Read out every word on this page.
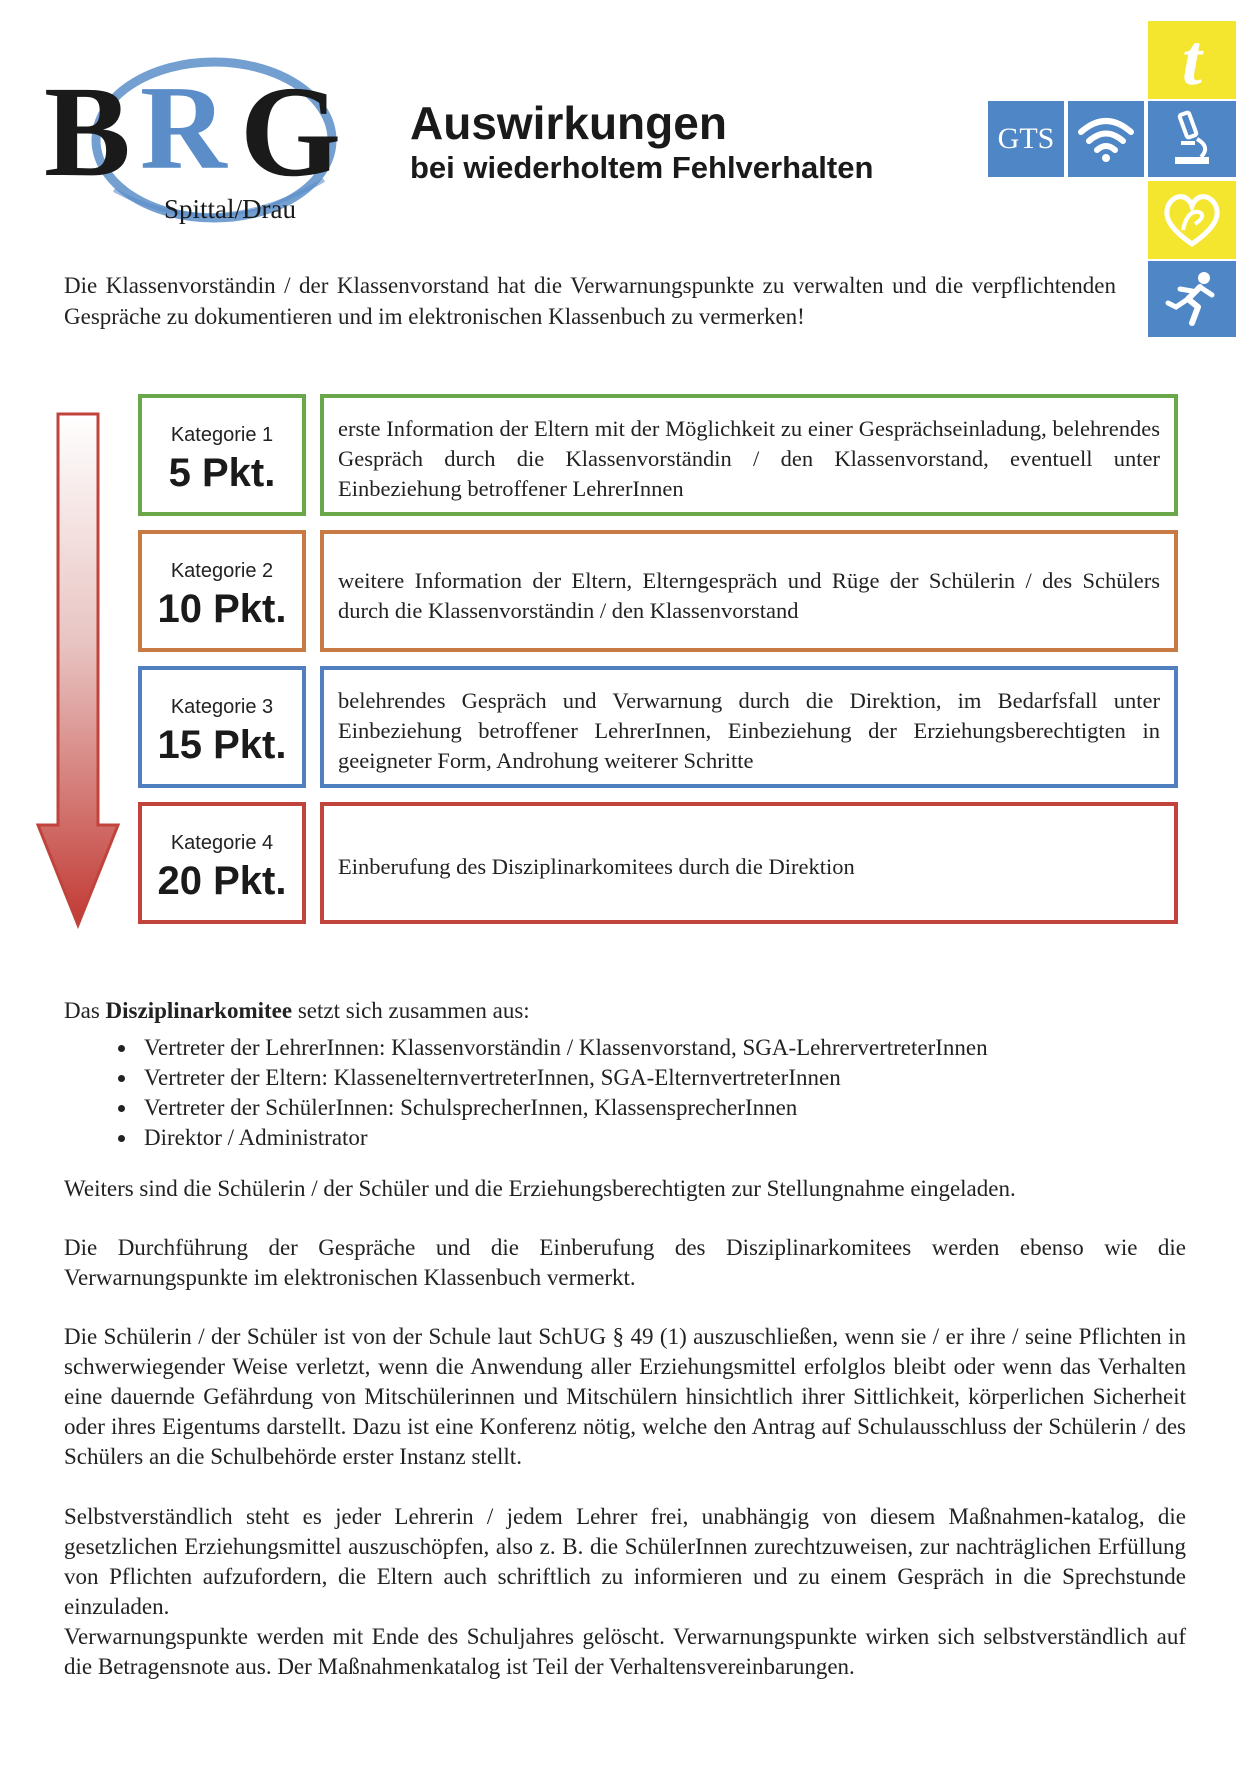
B R G
Spittal/Drau
Auswirkungen
bei wiederholtem Fehlverhalten
GTS
t
Die Klassenvorständin / der Klassenvorstand hat die Verwarnungspunkte zu verwalten und die verpflichtenden Gespräche zu dokumentieren und im elektronischen Klassenbuch zu vermerken!
Kategorie 1
5 Pkt.
erste Information der Eltern mit der Möglichkeit zu einer Gesprächseinladung, belehrendes Gespräch durch die Klassenvorständin / den Klassenvorstand, eventuell unter Einbeziehung betroffener LehrerInnen
Kategorie 2
10 Pkt.
weitere Information der Eltern, Elterngespräch und Rüge der Schülerin / des Schülers durch die Klassenvorständin / den Klassenvorstand
Kategorie 3
15 Pkt.
belehrendes Gespräch und Verwarnung durch die Direktion, im Bedarfsfall unter Einbeziehung betroffener LehrerInnen, Einbeziehung der Erziehungsberechtigten in geeigneter Form, Androhung weiterer Schritte
Kategorie 4
20 Pkt.	Einberufung des Disziplinarkomitees durch die Direktion
Das Disziplinarkomitee setzt sich zusammen aus:
• Vertreter der LehrerInnen: Klassenvorständin / Klassenvorstand, SGA-LehrervertreterInnen
• Vertreter der Eltern: KlassenelternvertreterInnen, SGA-ElternvertreterInnen
• Vertreter der SchülerInnen: SchulsprecherInnen, KlassensprecherInnen
• Direktor / Administrator
Weiters sind die Schülerin / der Schüler und die Erziehungsberechtigten zur Stellungnahme eingeladen.
Die Durchführung der Gespräche und die Einberufung des Disziplinarkomitees werden ebenso wie die Verwarnungspunkte im elektronischen Klassenbuch vermerkt.
Die Schülerin / der Schüler ist von der Schule laut SchUG § 49 (1) auszuschließen, wenn sie / er ihre / seine Pflichten in schwerwiegender Weise verletzt, wenn die Anwendung aller Erziehungsmittel erfolglos bleibt oder wenn das Verhalten eine dauernde Gefährdung von Mitschülerinnen und Mitschülern hinsichtlich ihrer Sittlichkeit, körperlichen Sicherheit oder ihres Eigentums darstellt. Dazu ist eine Konferenz nötig, welche den Antrag auf Schulausschluss der Schülerin / des Schülers an die Schulbehörde erster Instanz stellt.
Selbstverständlich steht es jeder Lehrerin / jedem Lehrer frei, unabhängig von diesem Maßnahmen-katalog, die gesetzlichen Erziehungsmittel auszuschöpfen, also z. B. die SchülerInnen zurechtzuweisen, zur nachträglichen Erfüllung von Pflichten aufzufordern, die Eltern auch schriftlich zu informieren und zu einem Gespräch in die Sprechstunde einzuladen.
Verwarnungspunkte werden mit Ende des Schuljahres gelöscht. Verwarnungspunkte wirken sich selbstverständlich auf die Betragensnote aus. Der Maßnahmenkatalog ist Teil der Verhaltensvereinbarungen.
